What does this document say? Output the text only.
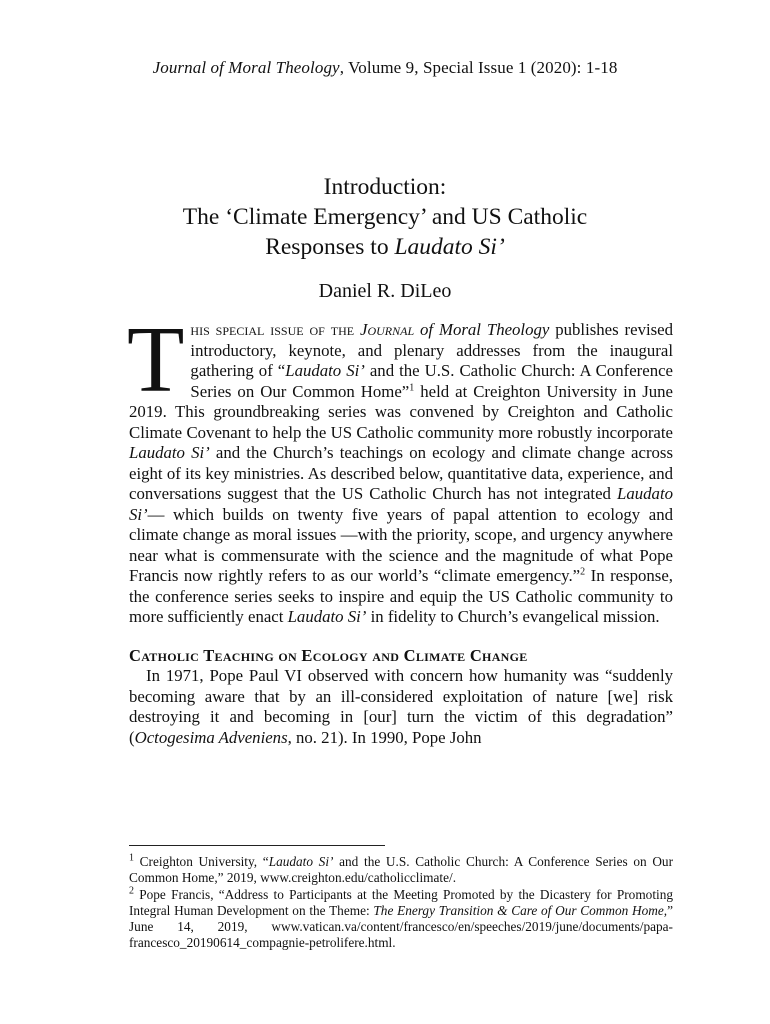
Journal of Moral Theology, Volume 9, Special Issue 1 (2020): 1-18
Introduction:
The ‘Climate Emergency’ and US Catholic
Responses to Laudato Si’
Daniel R. DiLeo

This special issue of the Journal of Moral Theology publishes revised introductory, keynote, and plenary addresses from the inaugural gathering of “Laudato Si’ and the U.S. Catholic Church: A Conference Series on Our Common Home”$^1$ held at Creighton University in June 2019. This groundbreaking series was convened by Creighton and Catholic Climate Covenant to help the US Catholic community more robustly incorporate Laudato Si’ and the Church’s teachings on ecology and climate change across eight of its key ministries. As described below, quantitative data, experience, and conversations suggest that the US Catholic Church has not integrated Laudato Si’— which builds on twenty five years of papal attention to ecology and climate change as moral issues —with the priority, scope, and urgency anywhere near what is commensurate with the science and the magnitude of what Pope Francis now rightly refers to as our world’s “climate emergency.”$^2$ In response, the conference series seeks to inspire and equip the US Catholic community to more sufficiently enact Laudato Si’ in fidelity to Church’s evangelical mission.

Catholic Teaching on Ecology and Climate Change

In 1971, Pope Paul VI observed with concern how humanity was “suddenly becoming aware that by an ill-considered exploitation of nature [we] risk destroying it and becoming in [our] turn the victim of this degradation” (Octogesima Adveniens, no. 21). In 1990, Pope John

$^1$ Creighton University, “Laudato Si’ and the U.S. Catholic Church: A Conference Series on Our Common Home,” 2019, www.creighton.edu/catholicclimate/.

$^2$ Pope Francis, “Address to Participants at the Meeting Promoted by the Dicastery for Promoting Integral Human Development on the Theme: The Energy Transition & Care of Our Common Home,” June 14, 2019, www.vatican.va/content/francesco/en/speeches/2019/june/documents/papa-francesco_20190614_compagnie-petrolifere.html.
